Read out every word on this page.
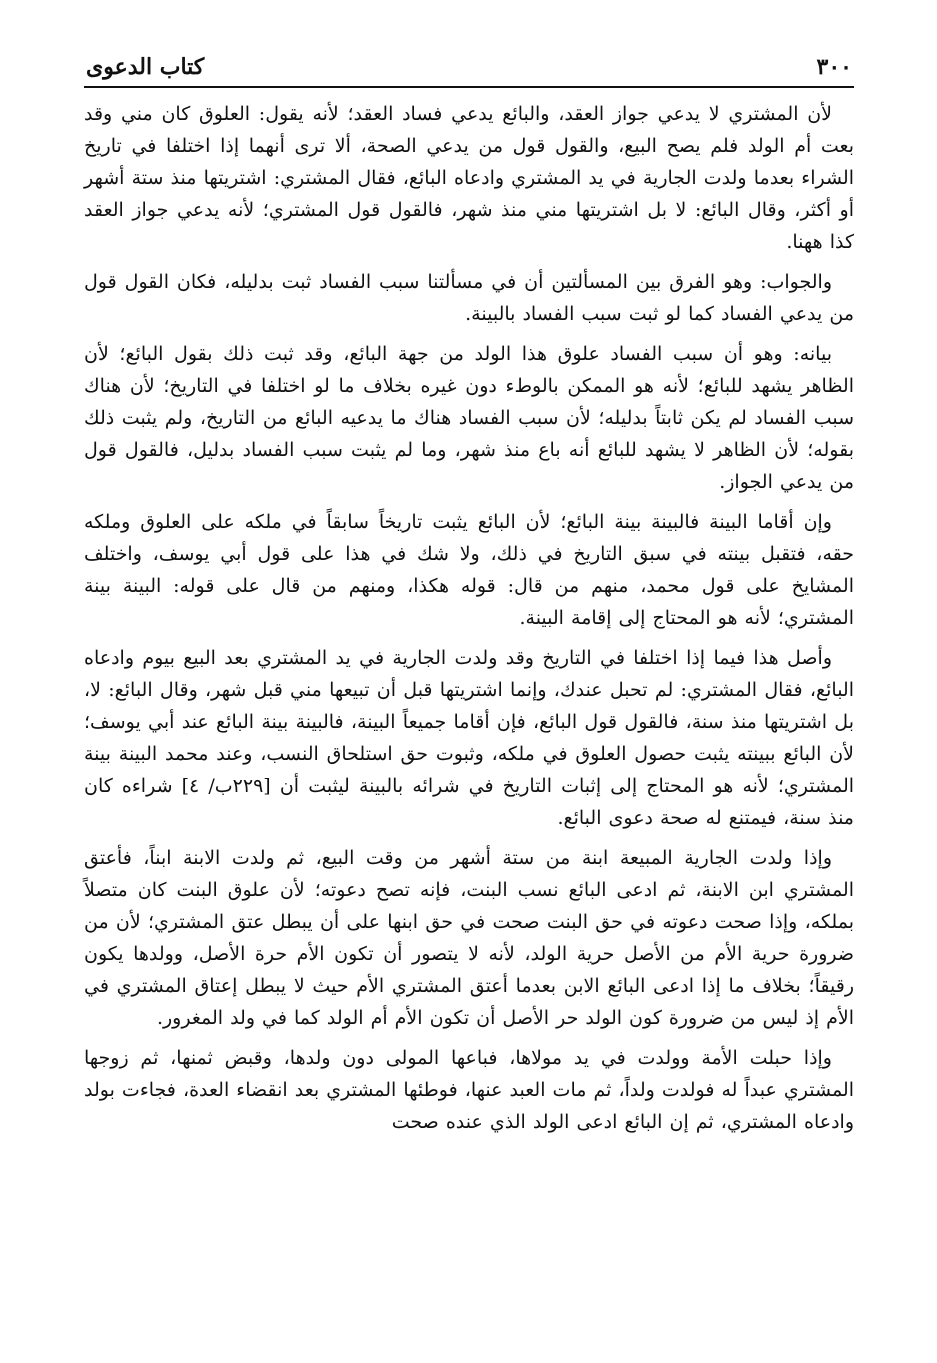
٣٠٠
كتاب الدعوى

لأن المشتري لا يدعي جواز العقد، والبائع يدعي فساد العقد؛ لأنه يقول: العلوق كان مني وقد بعت أم الولد فلم يصح البيع، والقول قول من يدعي الصحة، ألا ترى أنهما إذا اختلفا في تاريخ الشراء بعدما ولدت الجارية في يد المشتري وادعاه البائع، فقال المشتري: اشتريتها منذ ستة أشهر أو أكثر، وقال البائع: لا بل اشتريتها مني منذ شهر، فالقول قول المشتري؛ لأنه يدعي جواز العقد كذا ههنا.

والجواب: وهو الفرق بين المسألتين أن في مسألتنا سبب الفساد ثبت بدليله، فكان القول قول من يدعي الفساد كما لو ثبت سبب الفساد بالبينة.

بيانه: وهو أن سبب الفساد علوق هذا الولد من جهة البائع، وقد ثبت ذلك بقول البائع؛ لأن الظاهر يشهد للبائع؛ لأنه هو الممكن بالوطء دون غيره بخلاف ما لو اختلفا في التاريخ؛ لأن هناك سبب الفساد لم يكن ثابتاً بدليله؛ لأن سبب الفساد هناك ما يدعيه البائع من التاريخ، ولم يثبت ذلك بقوله؛ لأن الظاهر لا يشهد للبائع أنه باع منذ شهر، وما لم يثبت سبب الفساد بدليل، فالقول قول من يدعي الجواز.

وإن أقاما البينة فالبينة بينة البائع؛ لأن البائع يثبت تاريخاً سابقاً في ملكه على العلوق وملكه حقه، فتقبل بينته في سبق التاريخ في ذلك، ولا شك في هذا على قول أبي يوسف، واختلف المشايخ على قول محمد، منهم من قال: قوله هكذا، ومنهم من قال على قوله: البينة بينة المشتري؛ لأنه هو المحتاج إلى إقامة البينة.

وأصل هذا فيما إذا اختلفا في التاريخ وقد ولدت الجارية في يد المشتري بعد البيع بيوم وادعاه البائع، فقال المشتري: لم تحبل عندك، وإنما اشتريتها قبل أن تبيعها مني قبل شهر، وقال البائع: لا، بل اشتريتها منذ سنة، فالقول قول البائع، فإن أقاما جميعاً البينة، فالبينة بينة البائع عند أبي يوسف؛ لأن البائع ببينته يثبت حصول العلوق في ملكه، وثبوت حق استلحاق النسب، وعند محمد البينة بينة المشتري؛ لأنه هو المحتاج إلى إثبات التاريخ في شرائه بالبينة ليثبت أن [٢٢٩ب/ ٤] شراءه كان منذ سنة، فيمتنع له صحة دعوى البائع.

وإذا ولدت الجارية المبيعة ابنة من ستة أشهر من وقت البيع، ثم ولدت الابنة ابناً، فأعتق المشتري ابن الابنة، ثم ادعى البائع نسب البنت، فإنه تصح دعوته؛ لأن علوق البنت كان متصلاً بملكه، وإذا صحت دعوته في حق البنت صحت في حق ابنها على أن يبطل عتق المشتري؛ لأن من ضرورة حرية الأم من الأصل حرية الولد، لأنه لا يتصور أن تكون الأم حرة الأصل، وولدها يكون رقيقاً؛ بخلاف ما إذا ادعى البائع الابن بعدما أعتق المشتري الأم حيث لا يبطل إعتاق المشتري في الأم إذ ليس من ضرورة كون الولد حر الأصل أن تكون الأم أم الولد كما في ولد المغرور.

وإذا حبلت الأمة وولدت في يد مولاها، فباعها المولى دون ولدها، وقبض ثمنها، ثم زوجها المشتري عبداً له فولدت ولداً، ثم مات العبد عنها، فوطئها المشتري بعد انقضاء العدة، فجاءت بولد وادعاه المشتري، ثم إن البائع ادعى الولد الذي عنده صحت
